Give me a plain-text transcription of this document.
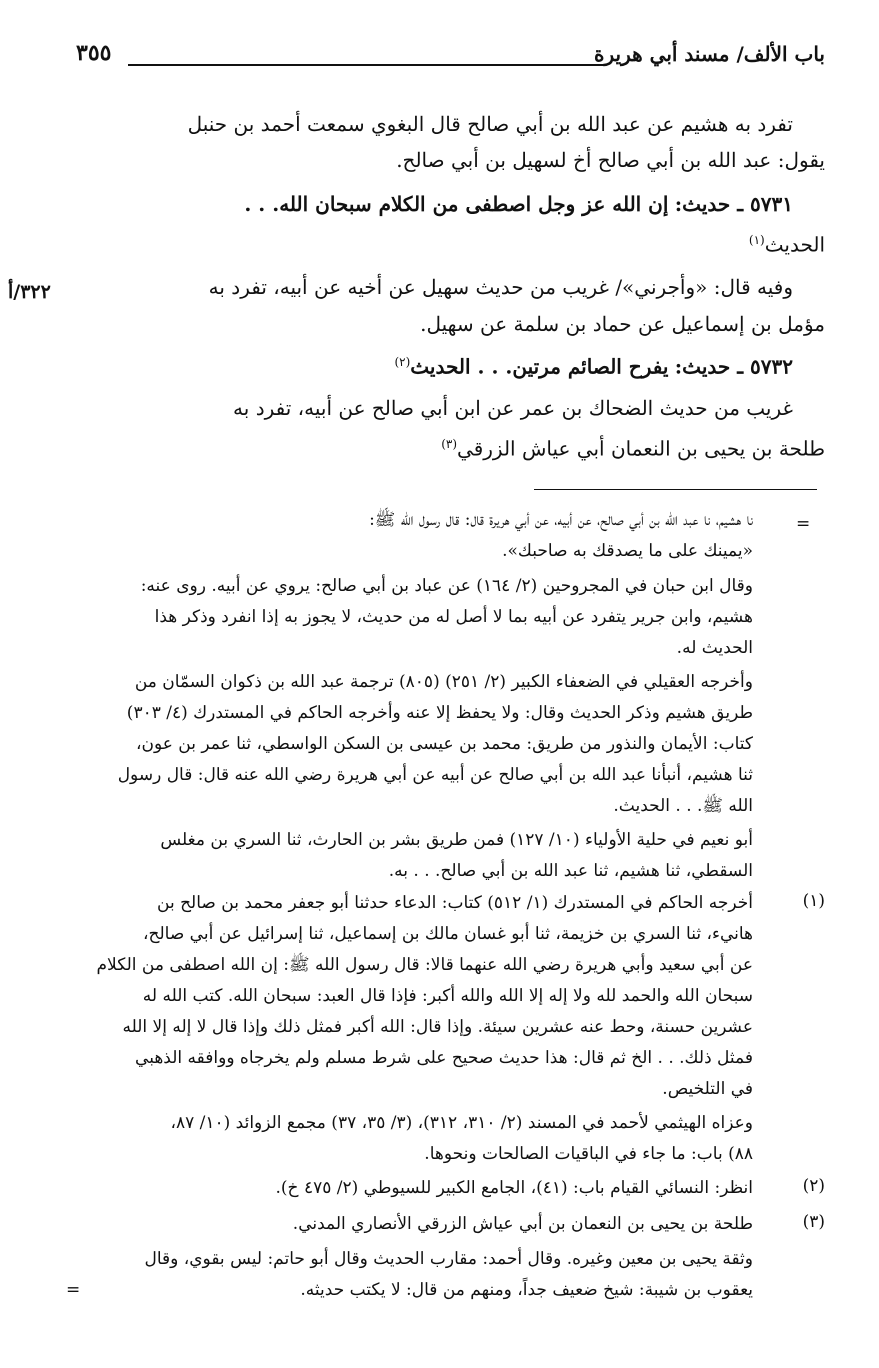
باب الألف/ مسند أبي هريرة
٣٥٥
تفرد به هشيم عن عبد الله بن أبي صالح قال البغوي سمعت أحمد بن حنبل
يقول: عبد الله بن أبي صالح أخ لسهيل بن أبي صالح.
٥٧٣١ ـ حديث: إن الله عز وجل اصطفى من الكلام سبحان الله. . .
الحديث$^{(١)}$
وفيه قال: «وأجرني»/ غريب من حديث سهيل عن أخيه عن أبيه، تفرد به
٣٢٢/أ
مؤمل بن إسماعيل عن حماد بن سلمة عن سهيل.
٥٧٣٢ ـ حديث: يفرح الصائم مرتين. . . الحديث$^{(٢)}$
غريب من حديث الضحاك بن عمر عن ابن أبي صالح عن أبيه، تفرد به
طلحة بن يحيى بن النعمان أبي عياش الزرقي$^{(٣)}$
=
نا هشيم، نا عبد الله بن أبي صالح، عن أبيه، عن أبي هريرة قال: قال رسول الله ﷺ:
«يمينك على ما يصدقك به صاحبك».
وقال ابن حبان في المجروحين (٢/ ١٦٤) عن عباد بن أبي صالح: يروي عن أبيه. روى عنه:
هشيم، وابن جرير يتفرد عن أبيه بما لا أصل له من حديث، لا يجوز به إذا انفرد وذكر هذا
الحديث له.
وأخرجه العقيلي في الضعفاء الكبير (٢/ ٢٥١) (٨٠٥) ترجمة عبد الله بن ذكوان السمّان من
طريق هشيم وذكر الحديث وقال: ولا يحفظ إلا عنه وأخرجه الحاكم في المستدرك (٤/ ٣٠٣)
كتاب: الأيمان والنذور من طريق: محمد بن عيسى بن السكن الواسطي، ثنا عمر بن عون،
ثنا هشيم، أنبأنا عبد الله بن أبي صالح عن أبيه عن أبي هريرة رضي الله عنه قال: قال رسول
الله ﷺ. . . الحديث.
أبو نعيم في حلية الأولياء (١٠/ ١٢٧) فمن طريق بشر بن الحارث، ثنا السري بن مغلس
السقطي، ثنا هشيم، ثنا عبد الله بن أبي صالح. . . به.
(١)
أخرجه الحاكم في المستدرك (١/ ٥١٢) كتاب: الدعاء حدثنا أبو جعفر محمد بن صالح بن
هانيء، ثنا السري بن خزيمة، ثنا أبو غسان مالك بن إسماعيل، ثنا إسرائيل عن أبي صالح،
عن أبي سعيد وأبي هريرة رضي الله عنهما قالا: قال رسول الله ﷺ: إن الله اصطفى من الكلام
سبحان الله والحمد لله ولا إله إلا الله والله أكبر: فإذا قال العبد: سبحان الله. كتب الله له
عشرين حسنة، وحط عنه عشرين سيئة. وإذا قال: الله أكبر فمثل ذلك وإذا قال لا إله إلا الله
فمثل ذلك. . . الخ ثم قال: هذا حديث صحيح على شرط مسلم ولم يخرجاه ووافقه الذهبي
في التلخيص.
وعزاه الهيثمي لأحمد في المسند (٢/ ٣١٠، ٣١٢)، (٣/ ٣٥، ٣٧) مجمع الزوائد (١٠/ ٨٧،
٨٨) باب: ما جاء في الباقيات الصالحات ونحوها.
(٢)
انظر: النسائي القيام باب: (٤١)، الجامع الكبير للسيوطي (٢/ ٤٧٥ خ).
(٣)
طلحة بن يحيى بن النعمان بن أبي عياش الزرقي الأنصاري المدني.
وثقة يحيى بن معين وغيره. وقال أحمد: مقارب الحديث وقال أبو حاتم: ليس بقوي، وقال
يعقوب بن شيبة: شيخ ضعيف جداً، ومنهم من قال: لا يكتب حديثه.
=
